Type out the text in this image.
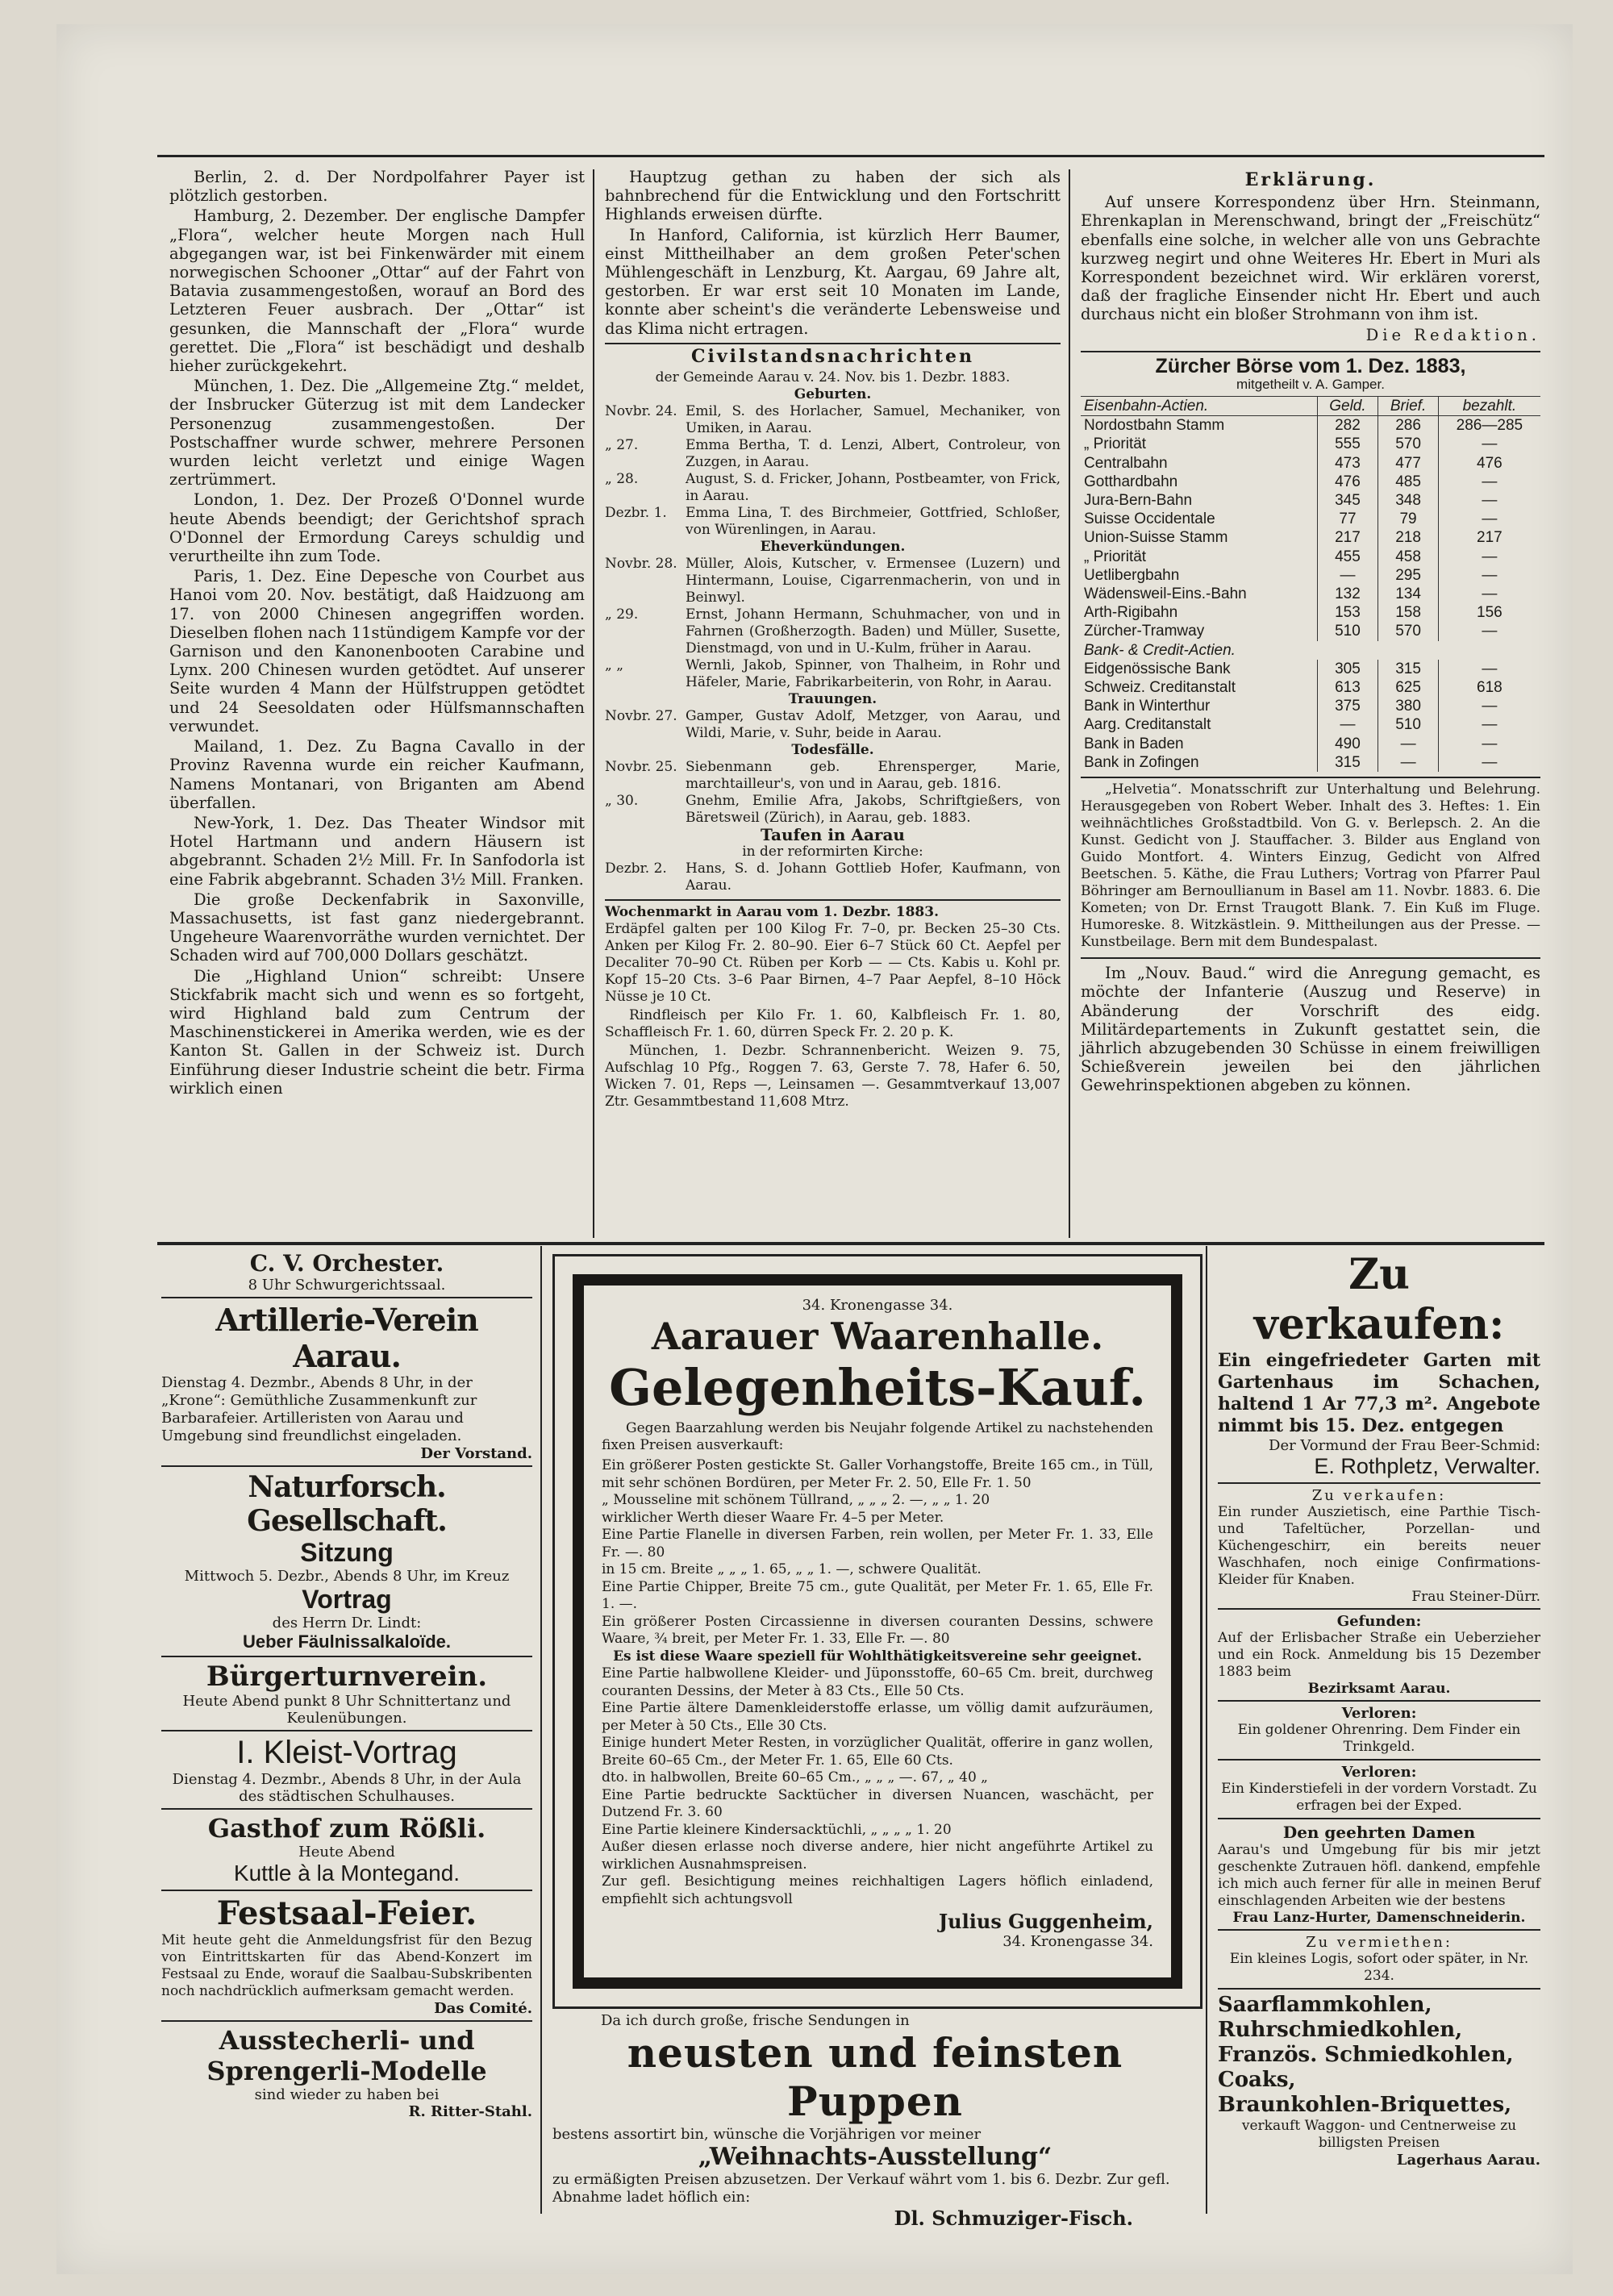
Berlin, 2. d. Der Nordpolfahrer Payer ist plötzlich gestorben.

Hamburg, 2. Dezember. Der englische Dampfer „Flora“, welcher heute Morgen nach Hull abgegangen war, ist bei Finkenwärder mit einem norwegischen Schooner „Ottar“ auf der Fahrt von Batavia zusammengestoßen, worauf an Bord des Letzteren Feuer ausbrach. Der „Ottar“ ist gesunken, die Mannschaft der „Flora“ wurde gerettet. Die „Flora“ ist beschädigt und deshalb hieher zurückgekehrt.

München, 1. Dez. Die „Allgemeine Ztg.“ meldet, der Insbrucker Güterzug ist mit dem Landecker Personenzug zusammengestoßen. Der Postschaffner wurde schwer, mehrere Personen wurden leicht verletzt und einige Wagen zertrümmert.

London, 1. Dez. Der Prozeß O'Donnel wurde heute Abends beendigt; der Gerichtshof sprach O'Donnel der Ermordung Careys schuldig und verurtheilte ihn zum Tode.

Paris, 1. Dez. Eine Depesche von Courbet aus Hanoi vom 20. Nov. bestätigt, daß Haidzuong am 17. von 2000 Chinesen angegriffen worden. Dieselben flohen nach 11stündigem Kampfe vor der Garnison und den Kanonenbooten Carabine und Lynx. 200 Chinesen wurden getödtet. Auf unserer Seite wurden 4 Mann der Hülfstruppen getödtet und 24 Seesoldaten oder Hülfsmannschaften verwundet.

Mailand, 1. Dez. Zu Bagna Cavallo in der Provinz Ravenna wurde ein reicher Kaufmann, Namens Montanari, von Briganten am Abend überfallen.

New-York, 1. Dez. Das Theater Windsor mit Hotel Hartmann und andern Häusern ist abgebrannt. Schaden 2½ Mill. Fr. In Sanfodorla ist eine Fabrik abgebrannt. Schaden 3½ Mill. Franken.

Die große Deckenfabrik in Saxonville, Massachusetts, ist fast ganz niedergebrannt. Ungeheure Waarenvorräthe wurden vernichtet. Der Schaden wird auf 700,000 Dollars geschätzt.

Die „Highland Union“ schreibt: Unsere Stickfabrik macht sich und wenn es so fortgeht, wird Highland bald zum Centrum der Maschinenstickerei in Amerika werden, wie es der Kanton St. Gallen in der Schweiz ist. Durch Einführung dieser Industrie scheint die betr. Firma wirklich einen

Hauptzug gethan zu haben der sich als bahnbrechend für die Entwicklung und den Fortschritt Highlands erweisen dürfte.

In Hanford, California, ist kürzlich Herr Baumer, einst Mittheilhaber an dem großen Peter'schen Mühlengeschäft in Lenzburg, Kt. Aargau, 69 Jahre alt, gestorben. Er war erst seit 10 Monaten im Lande, konnte aber scheint's die veränderte Lebensweise und das Klima nicht ertragen.

Civilstandsnachrichten
der Gemeinde Aarau v. 24. Nov. bis 1. Dezbr. 1883.
Geburten.
Novbr. 24. Emil, S. des Horlacher, Samuel, Mechaniker, von Umiken, in Aarau.
„ 27.	Emma Bertha, T. d. Lenzi, Albert, Controleur, von Zuzgen, in Aarau.
„ 28.	August, S. d. Fricker, Johann, Postbeamter, von Frick, in Aarau.
Dezbr. 1.	Emma Lina, T. des Birchmeier, Gottfried, Schloßer, von Würenlingen, in Aarau.
Eheverkündungen.
Novbr. 28. Müller, Alois, Kutscher, v. Ermensee (Luzern) und Hintermann, Louise, Cigarrenmacherin, von und in Beinwyl.
„ 29.	Ernst, Johann Hermann, Schuhmacher, von und in Fahrnen (Großherzogth. Baden) und Müller, Susette, Dienstmagd, von und in U.-Kulm, früher in Aarau.
„ „	Wernli, Jakob, Spinner, von Thalheim, in Rohr und Häfeler, Marie, Fabrikarbeiterin, von Rohr, in Aarau.
Trauungen.
Novbr. 27. Gamper, Gustav Adolf, Metzger, von Aarau, und Wildi, Marie, v. Suhr, beide in Aarau.
Todesfälle.
Novbr. 25. Siebenmann geb. Ehrensperger, Marie, marchtailleur's, von und in Aarau, geb. 1816.
„ 30.	Gnehm, Emilie Afra, Jakobs, Schriftgießers, von Bäretsweil (Zürich), in Aarau, geb. 1883.
Taufen in Aarau
in der reformirten Kirche:
Dezbr. 2.	Hans, S. d. Johann Gottlieb Hofer, Kaufmann, von Aarau.
Wochenmarkt in Aarau vom 1. Dezbr. 1883.

Erdäpfel galten per 100 Kilog Fr. 7–0, pr. Becken 25–30 Cts. Anken per Kilog Fr. 2. 80–90. Eier 6–7 Stück 60 Ct. Aepfel per Decaliter 70–90 Ct. Rüben per Korb — — Cts. Kabis u. Kohl pr. Kopf 15–20 Cts. 3–6 Paar Birnen, 4–7 Paar Aepfel, 8–10 Höck Nüsse je 10 Ct.

Rindfleisch per Kilo Fr. 1. 60, Kalbfleisch Fr. 1. 80, Schaffleisch Fr. 1. 60, dürren Speck Fr. 2. 20 p. K.

München, 1. Dezbr. Schrannenbericht. Weizen 9. 75, Aufschlag 10 Pfg., Roggen 7. 63, Gerste 7. 78, Hafer 6. 50, Wicken 7. 01, Reps —, Leinsamen —. Gesammtverkauf 13,007 Ztr. Gesammtbestand 11,608 Mtrz.

Erklärung.

Auf unsere Korrespondenz über Hrn. Steinmann, Ehrenkaplan in Merenschwand, bringt der „Freischütz“ ebenfalls eine solche, in welcher alle von uns Gebrachte kurzweg negirt und ohne Weiteres Hr. Ebert in Muri als Korrespondent bezeichnet wird. Wir erklären vorerst, daß der fragliche Einsender nicht Hr. Ebert und auch durchaus nicht ein bloßer Strohmann von ihm ist.

Die Redaktion.
Zürcher Börse vom 1. Dez. 1883,
mitgetheilt v. A. Gamper.
Eisenbahn-Actien.	Geld.	Brief.	bezahlt.
Nordostbahn Stamm	282	286	286—285
„ Priorität	555	570	—
Centralbahn	473	477	476
Gotthardbahn	476	485	—
Jura-Bern-Bahn	345	348	—
Suisse Occidentale	77	79	—
Union-Suisse Stamm	217	218	217
„ Priorität	455	458	—
Uetlibergbahn	—	295	—
Wädensweil-Eins.-Bahn	132	134	—
Arth-Rigibahn	153	158	156
Zürcher-Tramway	510	570	—
Bank- & Credit-Actien.			
Eidgenössische Bank	305	315	—
Schweiz. Creditanstalt	613	625	618
Bank in Winterthur	375	380	—
Aarg. Creditanstalt	—	510	—
Bank in Baden	490	—	—
Bank in Zofingen	315	—	—

„Helvetia“. Monatsschrift zur Unterhaltung und Belehrung. Herausgegeben von Robert Weber. Inhalt des 3. Heftes: 1. Ein weihnächtliches Großstadtbild. Von G. v. Berlepsch. 2. An die Kunst. Gedicht von J. Stauffacher. 3. Bilder aus England von Guido Montfort. 4. Winters Einzug, Gedicht von Alfred Beetschen. 5. Käthe, die Frau Luthers; Vortrag von Pfarrer Paul Böhringer am Bernoullianum in Basel am 11. Novbr. 1883. 6. Die Kometen; von Dr. Ernst Traugott Blank. 7. Ein Kuß im Fluge. Humoreske. 8. Witzkästlein. 9. Mittheilungen aus der Presse. — Kunstbeilage. Bern mit dem Bundespalast.

Im „Nouv. Baud.“ wird die Anregung gemacht, es möchte der Infanterie (Auszug und Reserve) in Abänderung der Vorschrift des eidg. Militärdepartements in Zukunft gestattet sein, die jährlich abzugebenden 30 Schüsse in einem freiwilligen Schießverein jeweilen bei den jährlichen Gewehrinspektionen abgeben zu können.

C. V. Orchester.
8 Uhr Schwurgerichtssaal.
Artillerie-Verein Aarau.
Dienstag 4. Dezmbr., Abends 8 Uhr, in der „Krone“: Gemüthliche Zusammenkunft zur Barbarafeier. Artilleristen von Aarau und Umgebung sind freundlichst eingeladen.
Der Vorstand.
Naturforsch. Gesellschaft.
Sitzung
Mittwoch 5. Dezbr., Abends 8 Uhr, im Kreuz
Vortrag
des Herrn Dr. Lindt:
Ueber Fäulnissalkaloïde.
Bürgerturnverein.
Heute Abend punkt 8 Uhr Schnittertanz und Keulenübungen.
I. Kleist-Vortrag
Dienstag 4. Dezmbr., Abends 8 Uhr, in der Aula des städtischen Schulhauses.
Gasthof zum Rößli.
Heute Abend
Kuttle à la Montegand.
Festsaal-Feier.
Mit heute geht die Anmeldungsfrist für den Bezug von Eintrittskarten für das Abend-Konzert im Festsaal zu Ende, worauf die Saalbau-Subskribenten noch nachdrücklich aufmerksam gemacht werden.
Das Comité.
Ausstecherli- und Sprengerli-Modelle
sind wieder zu haben bei
R. Ritter-Stahl.
34. Kronengasse 34.
Aarauer Waarenhalle.
Gelegenheits-Kauf.

Gegen Baarzahlung werden bis Neujahr folgende Artikel zu nachstehenden fixen Preisen ausverkauft:

Ein größerer Posten gestickte St. Galler Vorhangstoffe, Breite 165 cm., in Tüll, mit sehr schönen Bordüren, per Meter Fr. 2. 50, Elle Fr. 1. 50
„ Mousseline mit schönem Tüllrand, „ „ „ 2. —, „ „ 1. 20
wirklicher Werth dieser Waare Fr. 4–5 per Meter.
Eine Partie Flanelle in diversen Farben, rein wollen, per Meter Fr. 1. 33, Elle Fr. —. 80
in 15 cm. Breite „ „ „ 1. 65, „ „ 1. —, schwere Qualität.
Eine Partie Chipper, Breite 75 cm., gute Qualität, per Meter Fr. 1. 65, Elle Fr. 1. —.
Ein größerer Posten Circassienne in diversen couranten Dessins, schwere Waare, ¾ breit, per Meter Fr. 1. 33, Elle Fr. —. 80
Es ist diese Waare speziell für Wohlthätigkeitsvereine sehr geeignet.
Eine Partie halbwollene Kleider- und Jüponsstoffe, 60–65 Cm. breit, durchweg couranten Dessins, der Meter à 83 Cts., Elle 50 Cts.
Eine Partie ältere Damenkleiderstoffe erlasse, um völlig damit aufzuräumen, per Meter à 50 Cts., Elle 30 Cts.
Einige hundert Meter Resten, in vorzüglicher Qualität, offerire in ganz wollen, Breite 60–65 Cm., der Meter Fr. 1. 65, Elle 60 Cts.
dto. in halbwollen, Breite 60–65 Cm., „ „ „ —. 67, „ 40 „
Eine Partie bedruckte Sacktücher in diversen Nuancen, waschächt, per Dutzend Fr. 3. 60
Eine Partie kleinere Kindersacktüchli, „ „ „ „ 1. 20
Außer diesen erlasse noch diverse andere, hier nicht angeführte Artikel zu wirklichen Ausnahmspreisen.
Zur gefl. Besichtigung meines reichhaltigen Lagers höflich einladend, empfiehlt sich achtungsvoll
Julius Guggenheim,
34. Kronengasse 34.
Da ich durch große, frische Sendungen in
neusten und feinsten Puppen
bestens assortirt bin, wünsche die Vorjährigen vor meiner
„Weihnachts-Ausstellung“
zu ermäßigten Preisen abzusetzen. Der Verkauf währt vom 1. bis 6. Dezbr. Zur gefl. Abnahme ladet höflich ein:
Dl. Schmuziger-Fisch.
Zu verkaufen:
Ein eingefriedeter Garten mit Gartenhaus im Schachen, haltend 1 Ar 77,3 m². Angebote nimmt bis 15. Dez. entgegen
Der Vormund der Frau Beer-Schmid:
E. Rothpletz, Verwalter.
Zu verkaufen:
Ein runder Auszietisch, eine Parthie Tisch- und Tafeltücher, Porzellan- und Küchengeschirr, ein bereits neuer Waschhafen, noch einige Confirmations-Kleider für Knaben.
Frau Steiner-Dürr.
Gefunden:
Auf der Erlisbacher Straße ein Ueberzieher und ein Rock. Anmeldung bis 15 Dezember 1883 beim
Bezirksamt Aarau.
Verloren:
Ein goldener Ohrenring. Dem Finder ein Trinkgeld.
Verloren:
Ein Kinderstiefeli in der vordern Vorstadt. Zu erfragen bei der Exped.
Den geehrten Damen
Aarau's und Umgebung für bis mir jetzt geschenkte Zutrauen höfl. dankend, empfehle ich mich auch ferner für alle in meinen Beruf einschlagenden Arbeiten wie der bestens
Frau Lanz-Hurter, Damenschneiderin.
Zu vermiethen:
Ein kleines Logis, sofort oder später, in Nr. 234.
Saarflammkohlen,
Ruhrschmiedkohlen,
Französ. Schmiedkohlen,
Coaks,
Braunkohlen-Briquettes,
verkauft Waggon- und Centnerweise zu billigsten Preisen
Lagerhaus Aarau.
